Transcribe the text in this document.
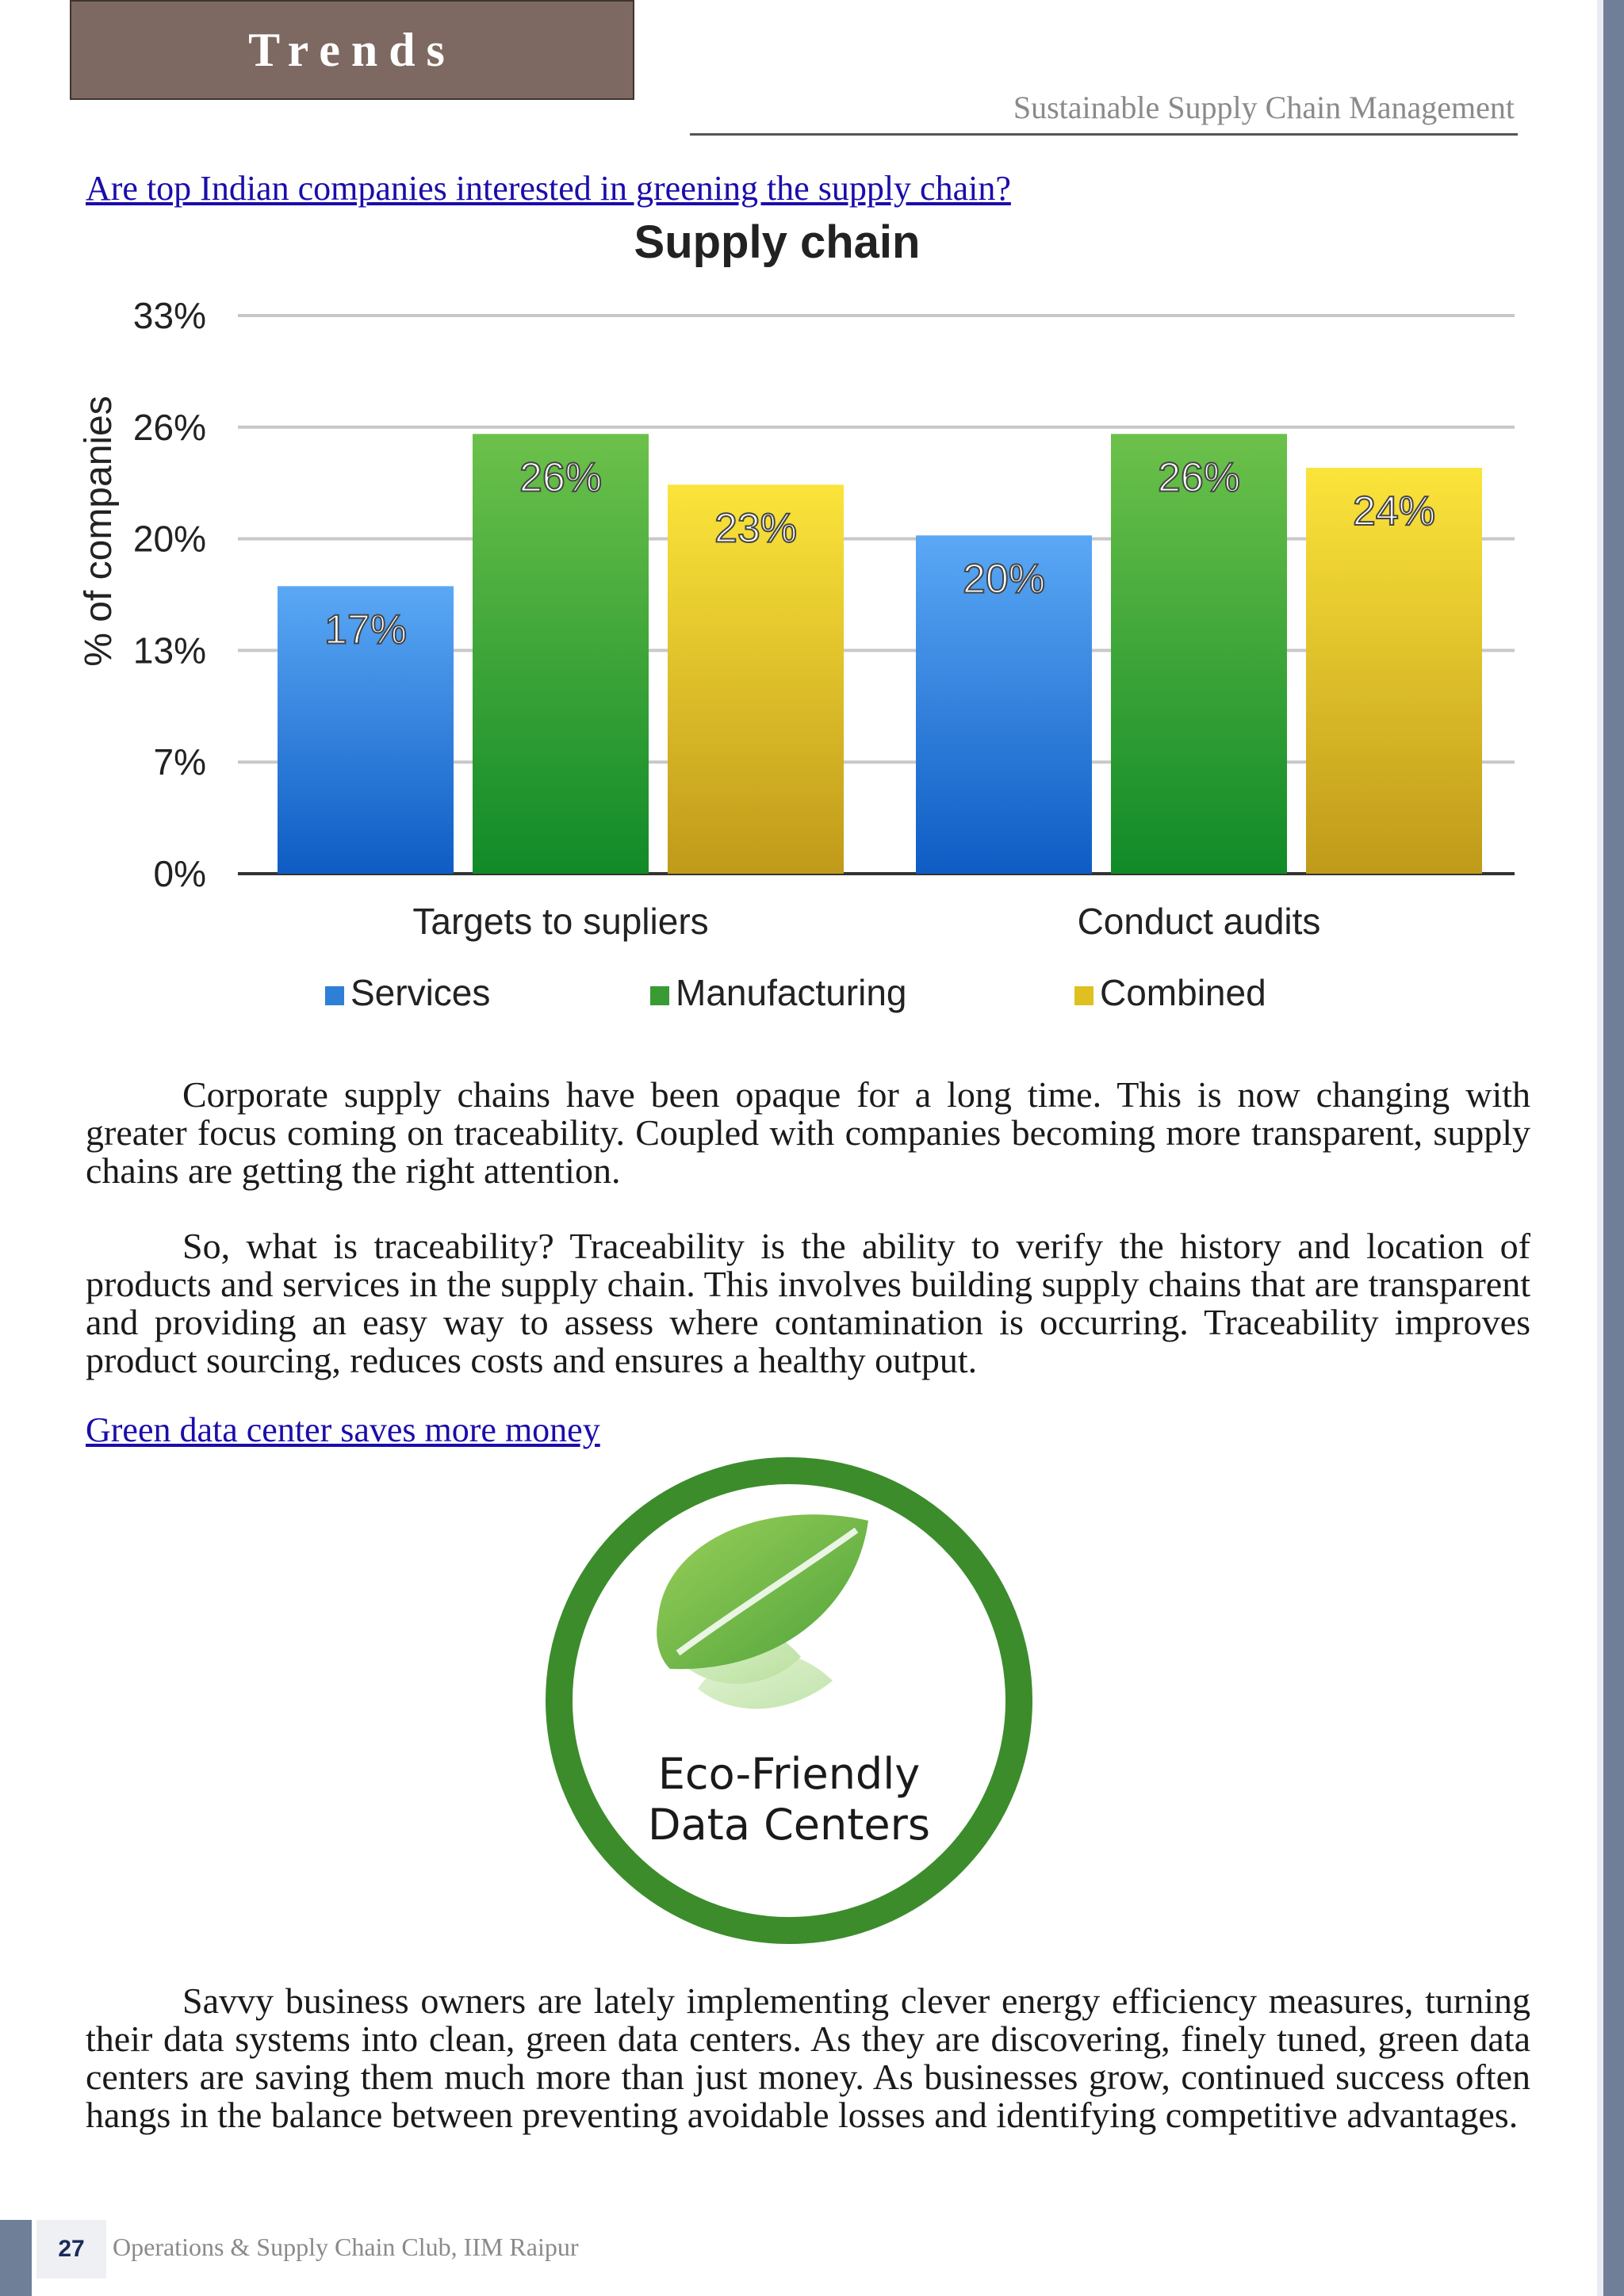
Trends
Sustainable Supply Chain Management
Are top Indian companies interested in greening the supply chain?
0%
7%
13%
20%
26%
33%
17%
26%
23%
Targets to supliers
20%
26%
24%
Conduct audits
Supply chain
% of companies
Services	Manufacturing	Combined
Corporate supply chains have been opaque for a long time. This is now changing with greater focus coming on traceability. Coupled with companies becoming more transparent, supply chains are getting the right attention.
So, what is traceability? Traceability is the ability to verify the history and location of products and services in the supply chain. This involves building supply chains that are transparent and providing an easy way to assess where contamination is occurring. Traceability improves product sourcing, reduces costs and ensures a healthy output.
Green data center saves more money
Eco-Friendly
Data Centers
Savvy business owners are lately implementing clever energy efficiency measures, turning their data systems into clean, green data centers. As they are discovering, finely tuned, green data centers are saving them much more than just money. As businesses grow, continued success often hangs in the balance between preventing avoidable losses and identifying competitive advantages.
27	Operations & Supply Chain Club, IIM Raipur
